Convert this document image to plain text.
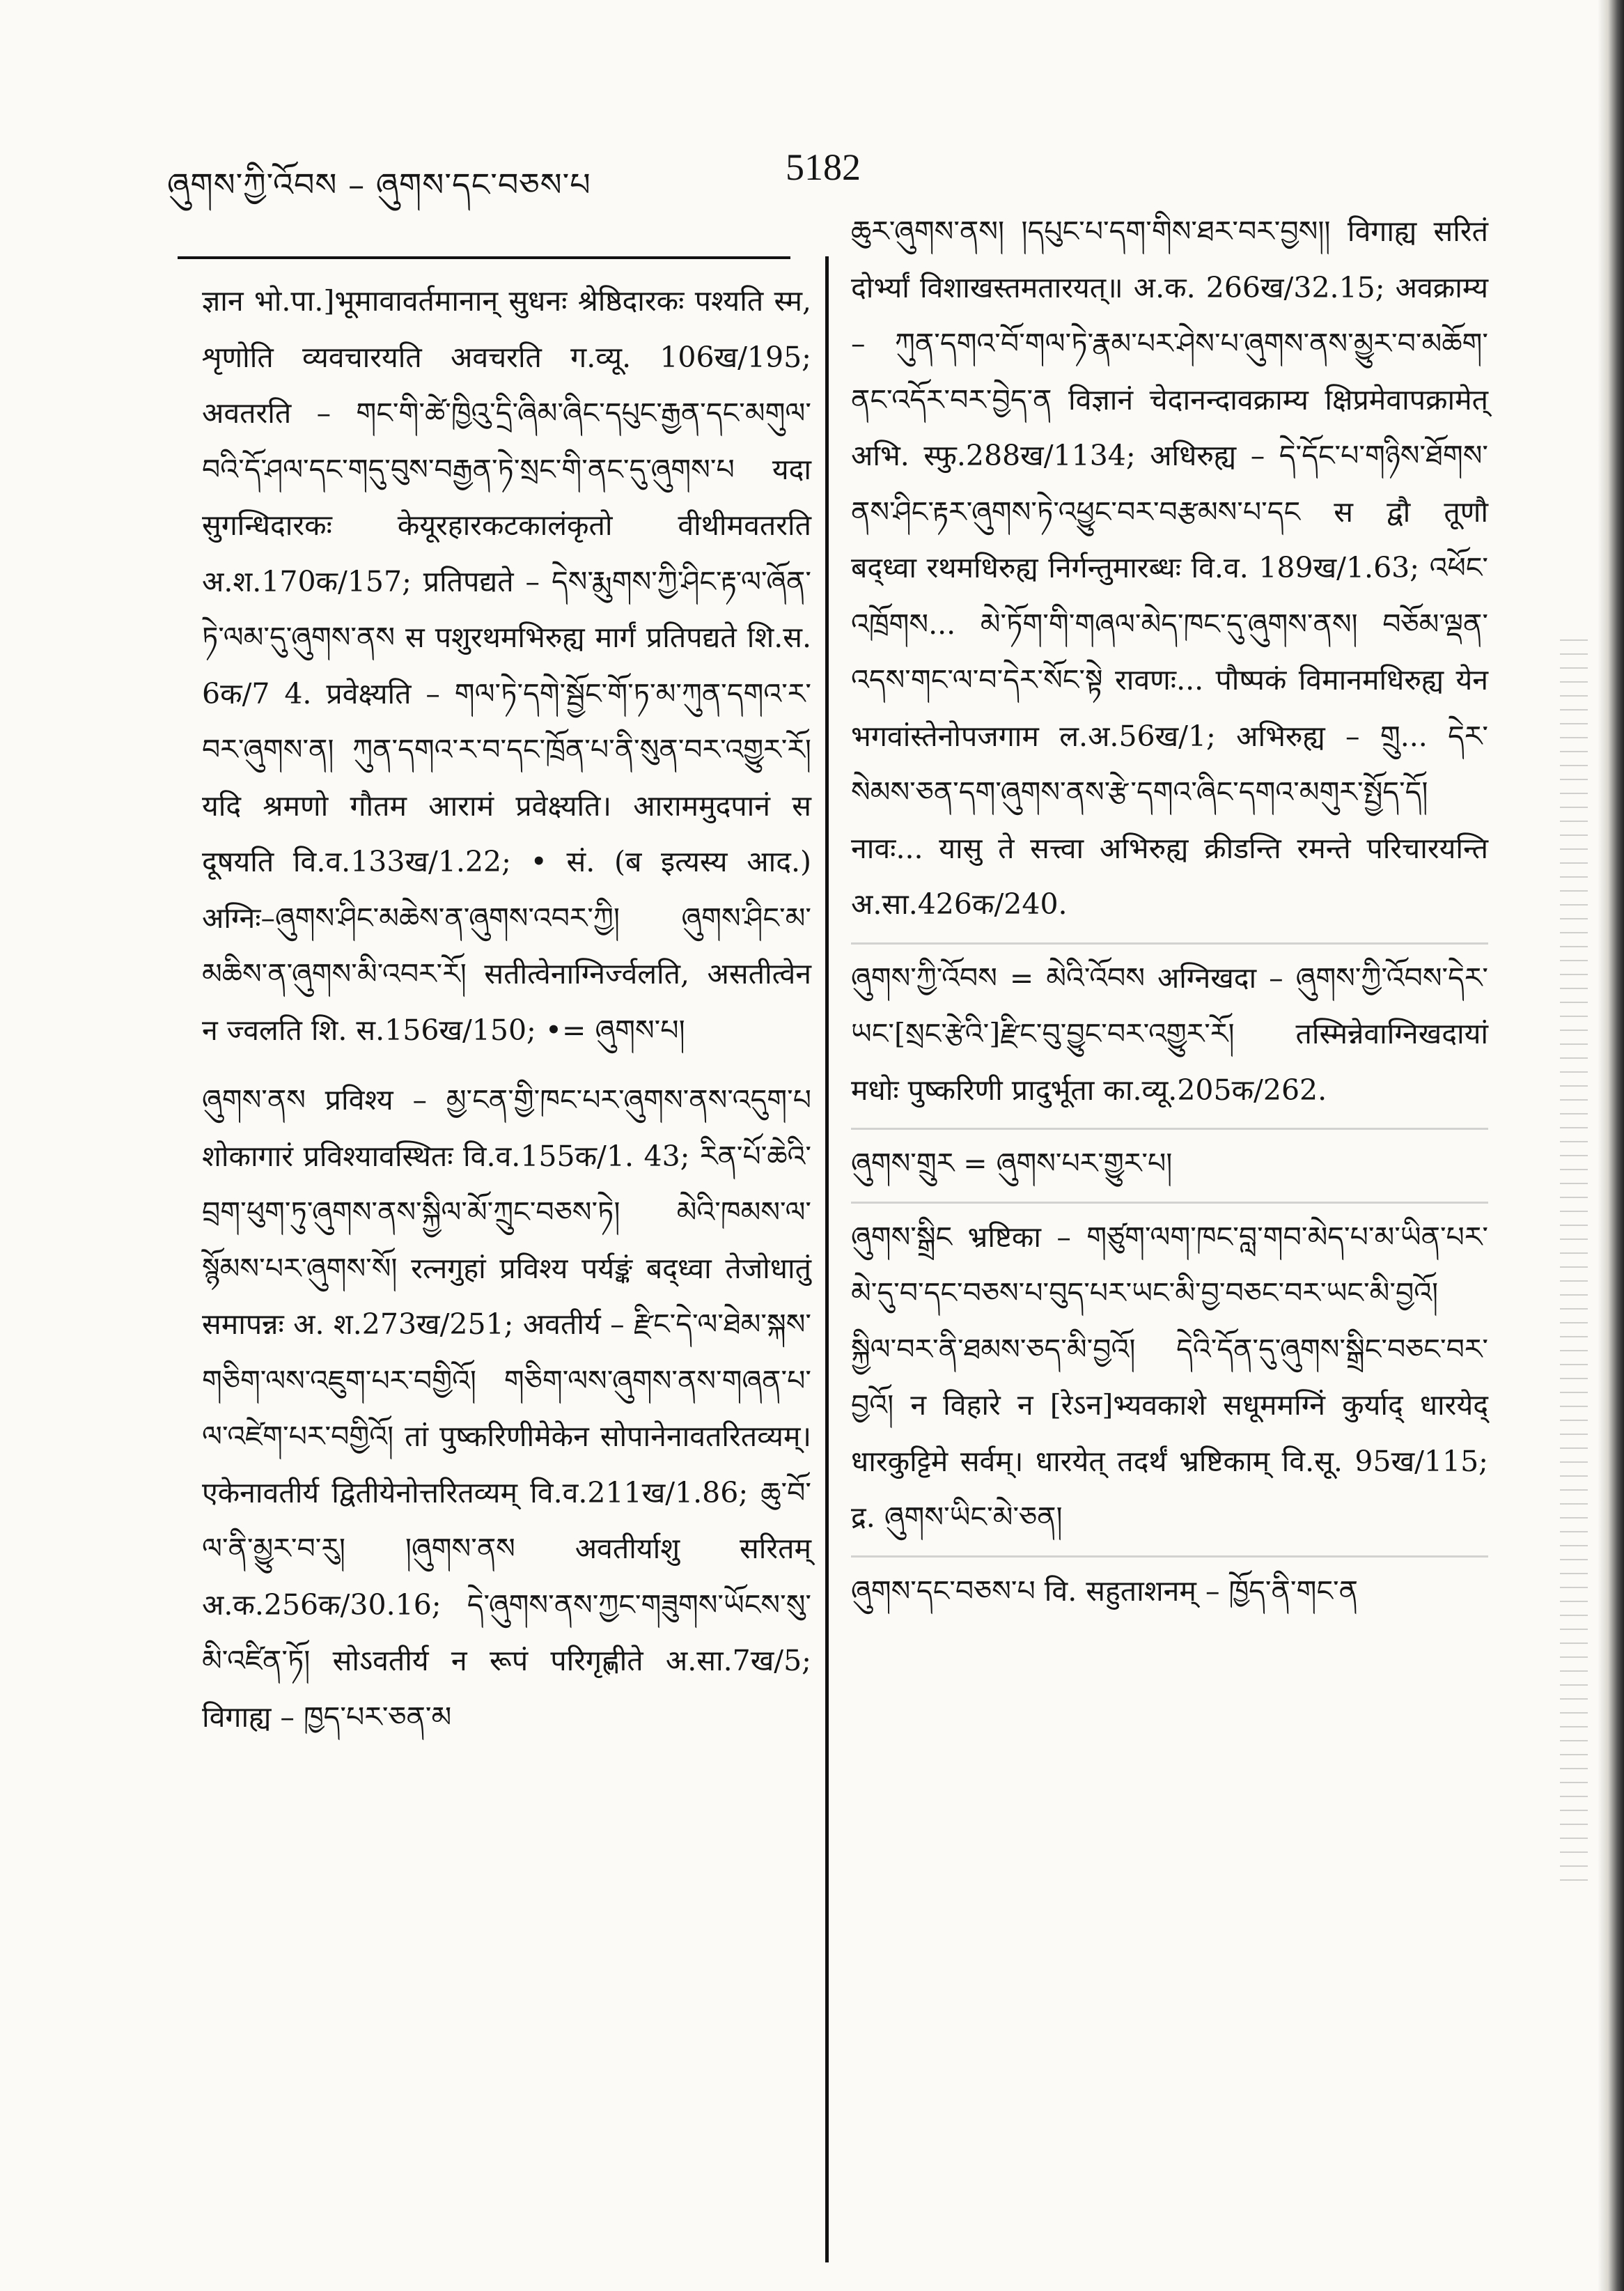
ཞུགས་ཀྱི་འོབས – ཞུགས་དང་བཅས་པ	5182

ज्ञान भो.पा.]भूमावावर्तमानान् सुधनः श्रेष्ठिदारकः पश्यति स्म, शृणोति व्यवचारयति अवचरति ग.व्यू. 106ख/195; अवतरति – གང་གི་ཚེ་ཁྱིའུ་དྲི་ཞིམ་ཞིང་དཔུང་རྒྱན་དང་མགུལ་བའི་དོ་ཤལ་དང་གདུ་བུས་བརྒྱན་ཏེ་སྲང་གི་ནང་དུ་ཞུགས་པ यदा सुगन्धिदारकः केयूरहारकटकालंकृतो वीथीमवतरति अ.श.170क/157; प्रतिपद्यते – དེས་རྨུགས་ཀྱི་ཤིང་རྟ་ལ་ཞོན་ཏེ་ལམ་དུ་ཞུགས་ནས स पशुरथमभिरुह्य मार्गं प्रतिपद्यते शि.स. 6क/7 4. प्रवेक्ष्यति – གལ་ཏེ་དགེ་སྦྱོང་གོ་ཏ་མ་ཀུན་དགའ་ར་བར་ཞུགས་ན། ཀུན་དགའ་ར་བ་དང་ཁྲོན་པ་ནི་སུན་བར་འགྱུར་རོ། यदि श्रमणो गौतम आरामं प्रवेक्ष्यति। आराममुदपानं स दूषयति वि.व.133ख/1.22; • सं. (ब इत्यस्य आद.) अग्निः–ཞུགས་ཤིང་མཆེས་ན་ཞུགས་འབར་ཀྱི། ཞུགས་ཤིང་མ་མཆིས་ན་ཞུགས་མི་འབར་རོ། सतीत्वेनाग्निर्ज्वलति, असतीत्वेन न ज्वलति शि. स.156ख/150; •= ཞུགས་པ།

ཞུགས་ནས प्रविश्य – མྱ་ངན་གྱི་ཁང་པར་ཞུགས་ནས་འདུག་པ शोकागारं प्रविश्यावस्थितः वि.व.155क/1. 43; རིན་པོ་ཆེའི་བྲག་ཕུག་ཏུ་ཞུགས་ནས་སྐྱིལ་མོ་ཀྲུང་བཅས་ཏེ། མེའི་ཁམས་ལ་སྙོམས་པར་ཞུགས་སོ། रत्नगुहां प्रविश्य पर्यङ्कं बद्ध्वा तेजोधातुं समापन्नः अ. श.273ख/251; अवतीर्य – རྫིང་དེ་ལ་ཐེམ་སྐས་གཅིག་ལས་འཇུག་པར་བགྱིའོ། གཅིག་ལས་ཞུགས་ནས་གཞན་པ་ལ་འཛེག་པར་བགྱིའོ། तां पुष्करिणीमेकेन सोपानेनावतरितव्यम्। एकेनावतीर्य द्वितीयेनोत्तरितव्यम् वि.व.211ख/1.86; ཆུ་བོ་ལ་ནི་མྱུར་བ་རུ། །ཞུགས་ནས अवतीर्याशु सरितम् अ.क.256क/30.16; དེ་ཞུགས་ནས་ཀྱང་གཟུགས་ཡོངས་སུ་མི་འཛིན་ཏོ། सोऽवतीर्य न रूपं परिगृह्णीते अ.सा.7ख/5; विगाह्य – ཁྱད་པར་ཅན་མ

ཆུར་ཞུགས་ནས། །དཔུང་པ་དག་གིས་ཐར་བར་བྱས།། विगाह्य सरितं दोर्भ्यां विशाखस्तमतारयत्॥ अ.क. 266ख/32.15; अवक्राम्य – ཀུན་དགའ་བོ་གལ་ཏེ་རྣམ་པར་ཤེས་པ་ཞུགས་ནས་མྱུར་བ་མཆོག་ནང་འདོར་བར་བྱེད་ན विज्ञानं चेदानन्दावक्राम्य क्षिप्रमेवापक्रामेत् अभि. स्फु.288ख/1134; अधिरुह्य – དེ་དོང་པ་གཉིས་ཐོགས་ནས་ཤིང་རྟར་ཞུགས་ཏེ་འཕྱུང་བར་བརྩམས་པ་དང स द्वौ तूणौ बद्ध्वा रथमधिरुह्य निर्गन्तुमारब्धः वि.व. 189ख/1.63; འཕོང་འཁྲོགས... མེ་ཏོག་གི་གཞལ་མེད་ཁང་དུ་ཞུགས་ནས། བཅོམ་ལྡན་འདས་གང་ལ་བ་དེར་སོང་སྟེ रावणः... पौष्पकं विमानमधिरुह्य येन भगवांस्तेनोपजगाम ल.अ.56ख/1; अभिरुह्य – གྲུ... དེར་སེམས་ཅན་དག་ཞུགས་ནས་རྩེ་དགའ་ཞིང་དགའ་མགུར་སྤྱོད་དོ། नावः... यासु ते सत्त्वा अभिरुह्य क्रीडन्ति रमन्ते परिचारयन्ति अ.सा.426क/240.

ཞུགས་ཀྱི་འོབས = མེའི་འོབས अग्निखदा – ཞུགས་ཀྱི་འོབས་དེར་ཡང་[སྲང་རྩེའི་]རྫིང་བུ་བྱུང་བར་འགྱུར་རོ། तस्मिन्नेवाग्निखदायां मधोः पुष्करिणी प्रादुर्भूता का.व्यू.205क/262.

ཞུགས་གྲུར = ཞུགས་པར་གྱུར་པ།

ཞུགས་སྒྲིང भ्रष्टिका – གཙུག་ལག་ཁང་བླ་གབ་མེད་པ་མ་ཡིན་པར་མེ་དུ་བ་དང་བཅས་པ་བུད་པར་ཡང་མི་བྱ་བཅང་བར་ཡང་མི་བྱའོ། སྐྱིལ་བར་ནི་ཐམས་ཅད་མི་བྱའོ། དེའི་དོན་དུ་ཞུགས་སྒྲིང་བཅང་བར་བྱའོ། न विहारे न [रेऽन]भ्यवकाशे सधूममग्निं कुर्याद् धारयेद् धारकुट्टिमे सर्वम्। धारयेत् तदर्थं भ्रष्टिकाम् वि.सू. 95ख/115; द्र. ཞུགས་ཡིང་མེ་ཅན།

ཞུགས་དང་བཅས་པ वि. सहुताशनम् – ཁྱོད་ནི་གང་ན
